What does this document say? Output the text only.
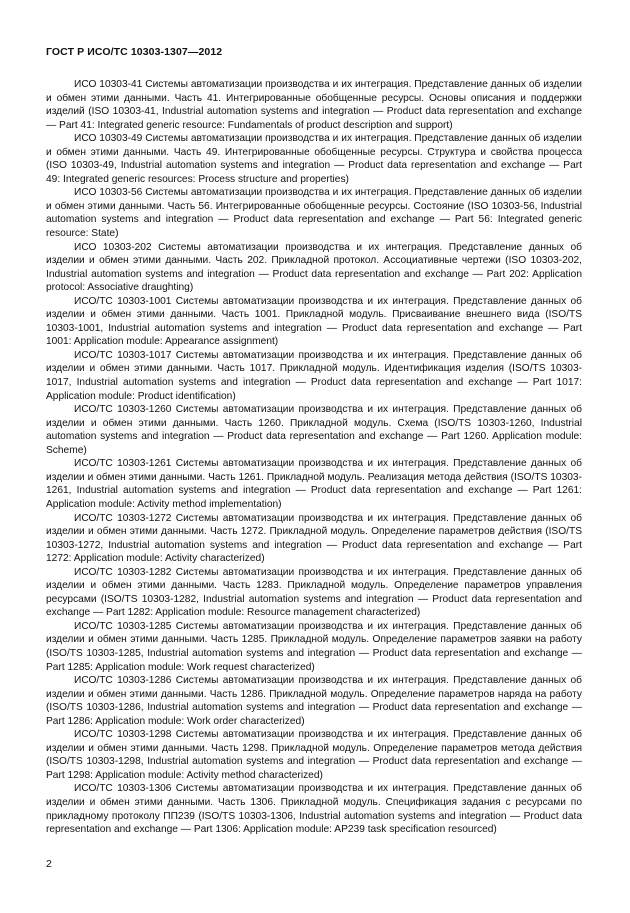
ГОСТ Р ИСО/ТС 10303-1307—2012

ИСО 10303-41 Системы автоматизации производства и их интеграция. Представление данных об изделии и обмен этими данными. Часть 41. Интегрированные обобщенные ресурсы. Основы описания и поддержки изделий (ISO 10303-41, Industrial automation systems and integration — Product data representation and exchange — Part 41: Integrated generic resource: Fundamentals of product description and support)

ИСО 10303-49 Системы автоматизации производства и их интеграция. Представление данных об изделии и обмен этими данными. Часть 49. Интегрированные обобщенные ресурсы. Структура и свойства процесса (ISO 10303-49, Industrial automation systems and integration — Product data representation and exchange — Part 49: Integrated generic resources: Process structure and properties)

ИСО 10303-56 Системы автоматизации производства и их интеграция. Представление данных об изделии и обмен этими данными. Часть 56. Интегрированные обобщенные ресурсы. Состояние (ISO 10303-56, Industrial automation systems and integration — Product data representation and exchange — Part 56: Integrated generic resource: State)

ИСО 10303-202 Системы автоматизации производства и их интеграция. Представление данных об изделии и обмен этими данными. Часть 202. Прикладной протокол. Ассоциативные чертежи (ISO 10303-202, Industrial automation systems and integration — Product data representation and exchange — Part 202: Application protocol: Associative draughting)

ИСО/ТС 10303-1001 Системы автоматизации производства и их интеграция. Представление данных об изделии и обмен этими данными. Часть 1001. Прикладной модуль. Присваивание внешнего вида (ISO/TS 10303-1001, Industrial automation systems and integration — Product data representation and exchange — Part 1001: Application module: Appearance assignment)

ИСО/ТС 10303-1017 Системы автоматизации производства и их интеграция. Представление данных об изделии и обмен этими данными. Часть 1017. Прикладной модуль. Идентификация изделия (ISO/TS 10303-1017, Industrial automation systems and integration — Product data representation and exchange — Part 1017: Application module: Product identification)

ИСО/ТС 10303-1260 Системы автоматизации производства и их интеграция. Представление данных об изделии и обмен этими данными. Часть 1260. Прикладной модуль. Схема (ISO/TS 10303-1260, Industrial automation systems and integration — Product data representation and exchange — Part 1260. Application module: Scheme)

ИСО/ТС 10303-1261 Системы автоматизации производства и их интеграция. Представление данных об изделии и обмен этими данными. Часть 1261. Прикладной модуль. Реализация метода действия (ISO/TS 10303-1261, Industrial automation systems and integration — Product data representation and exchange — Part 1261: Application module: Activity method implementation)

ИСО/ТС 10303-1272 Системы автоматизации производства и их интеграция. Представление данных об изделии и обмен этими данными. Часть 1272. Прикладной модуль. Определение параметров действия (ISO/TS 10303-1272, Industrial automation systems and integration — Product data representation and exchange — Part 1272: Application module: Activity characterized)

ИСО/ТС 10303-1282 Системы автоматизации производства и их интеграция. Представление данных об изделии и обмен этими данными. Часть 1283. Прикладной модуль. Определение параметров управления ресурсами (ISO/TS 10303-1282, Industrial automation systems and integration — Product data representation and exchange — Part 1282: Application module: Resource management characterized)

ИСО/ТС 10303-1285 Системы автоматизации производства и их интеграция. Представление данных об изделии и обмен этими данными. Часть 1285. Прикладной модуль. Определение параметров заявки на работу (ISO/TS 10303-1285, Industrial automation systems and integration — Product data representation and exchange — Part 1285: Application module: Work request characterized)

ИСО/ТС 10303-1286 Системы автоматизации производства и их интеграция. Представление данных об изделии и обмен этими данными. Часть 1286. Прикладной модуль. Определение параметров наряда на работу (ISO/TS 10303-1286, Industrial automation systems and integration — Product data representation and exchange — Part 1286: Application module: Work order characterized)

ИСО/ТС 10303-1298 Системы автоматизации производства и их интеграция. Представление данных об изделии и обмен этими данными. Часть 1298. Прикладной модуль. Определение параметров метода действия (ISO/TS 10303-1298, Industrial automation systems and integration — Product data representation and exchange — Part 1298: Application module: Activity method characterized)

ИСО/ТС 10303-1306 Системы автоматизации производства и их интеграция. Представление данных об изделии и обмен этими данными. Часть 1306. Прикладной модуль. Спецификация задания с ресурсами по прикладному протоколу ПП239 (ISO/TS 10303-1306, Industrial automation systems and integration — Product data representation and exchange — Part 1306: Application module: AP239 task specification resourced)

2
